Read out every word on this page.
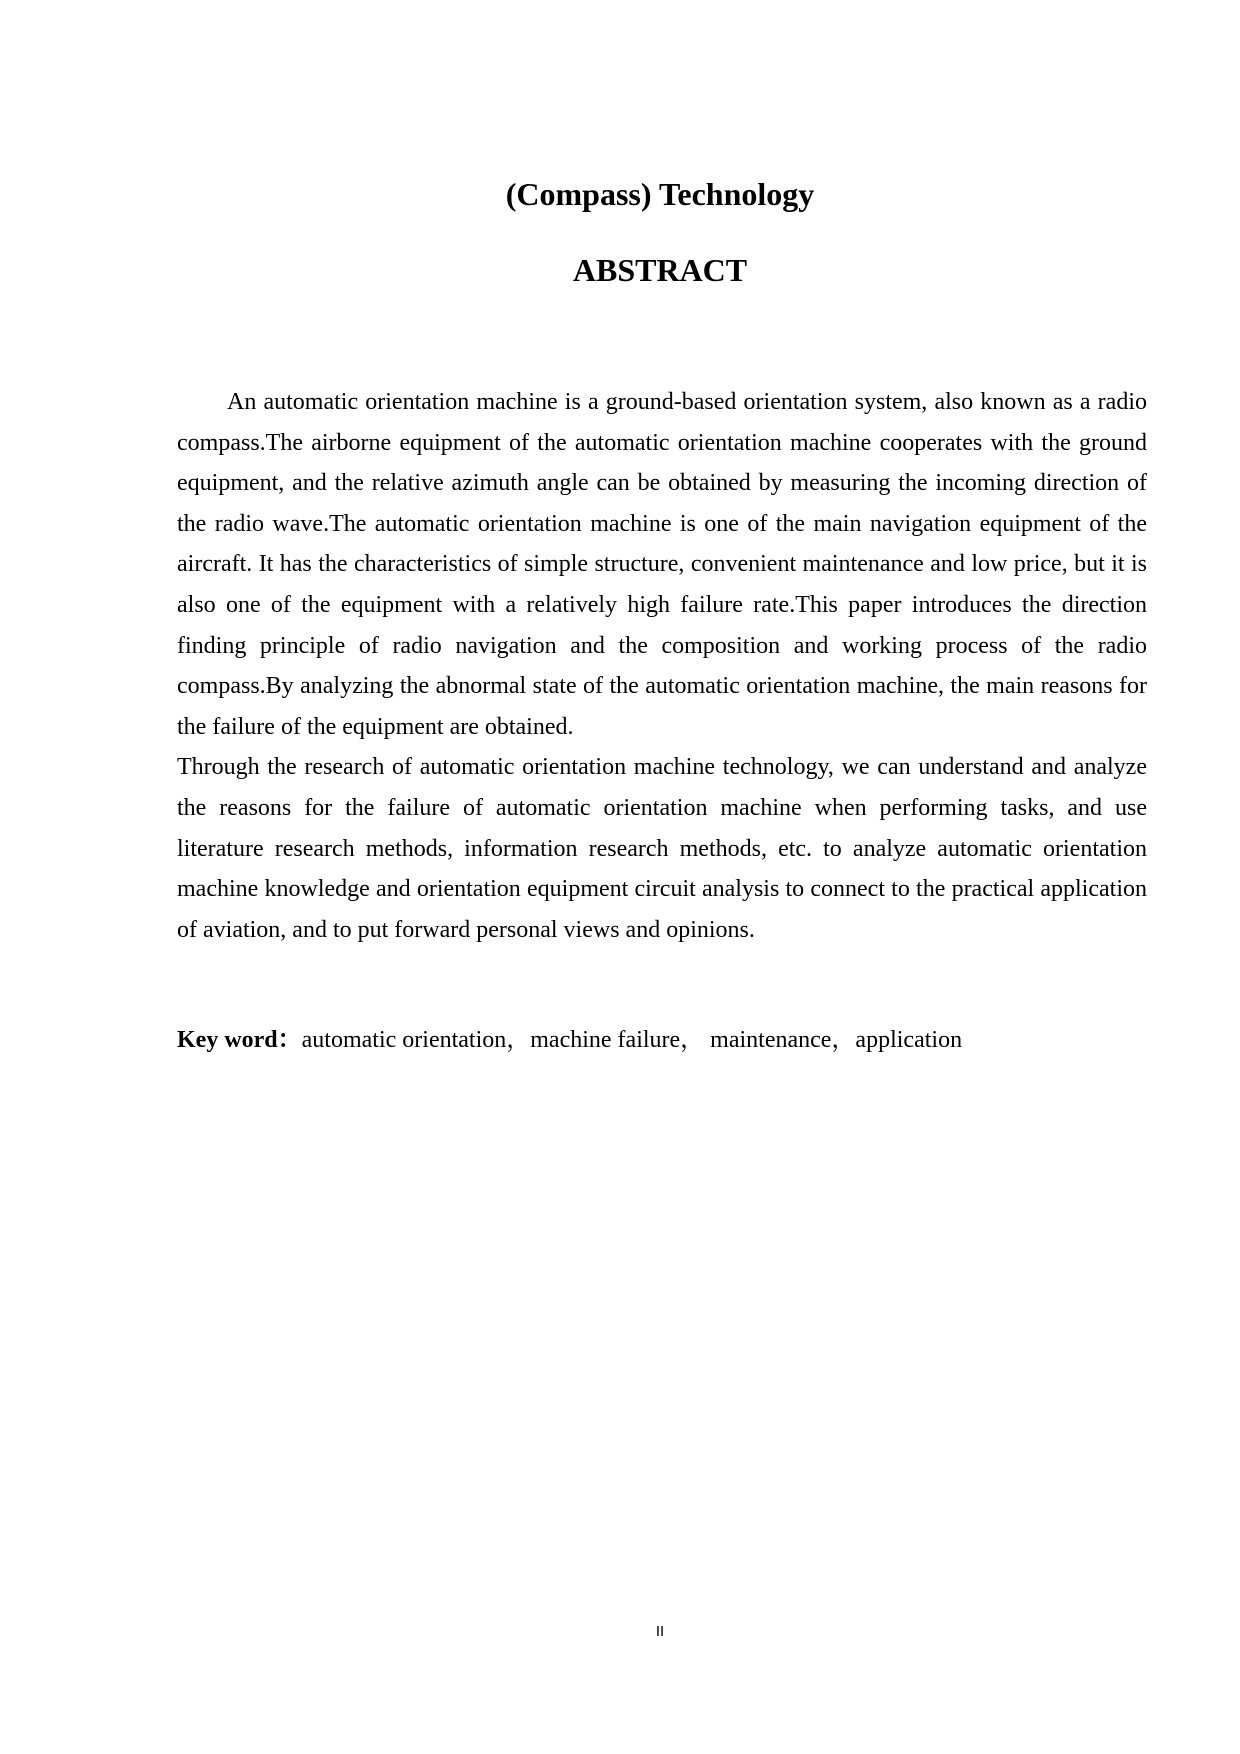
(Compass) Technology
ABSTRACT

An automatic orientation machine is a ground-based orientation system, also known as a radio compass.The airborne equipment of the automatic orientation machine cooperates with the ground equipment, and the relative azimuth angle can be obtained by measuring the incoming direction of the radio wave.The automatic orientation machine is one of the main navigation equipment of the aircraft. It has the characteristics of simple structure, convenient maintenance and low price, but it is also one of the equipment with a relatively high failure rate.This paper introduces the direction finding principle of radio navigation and the composition and working process of the radio compass.By analyzing the abnormal state of the automatic orientation machine, the main reasons for the failure of the equipment are obtained.

Through the research of automatic orientation machine technology, we can understand and analyze the reasons for the failure of automatic orientation machine when performing tasks, and use literature research methods, information research methods, etc. to analyze automatic orientation machine knowledge and orientation equipment circuit analysis to connect to the practical application of aviation, and to put forward personal views and opinions.

Key word：automatic orientation，machine failure， maintenance，application
II
